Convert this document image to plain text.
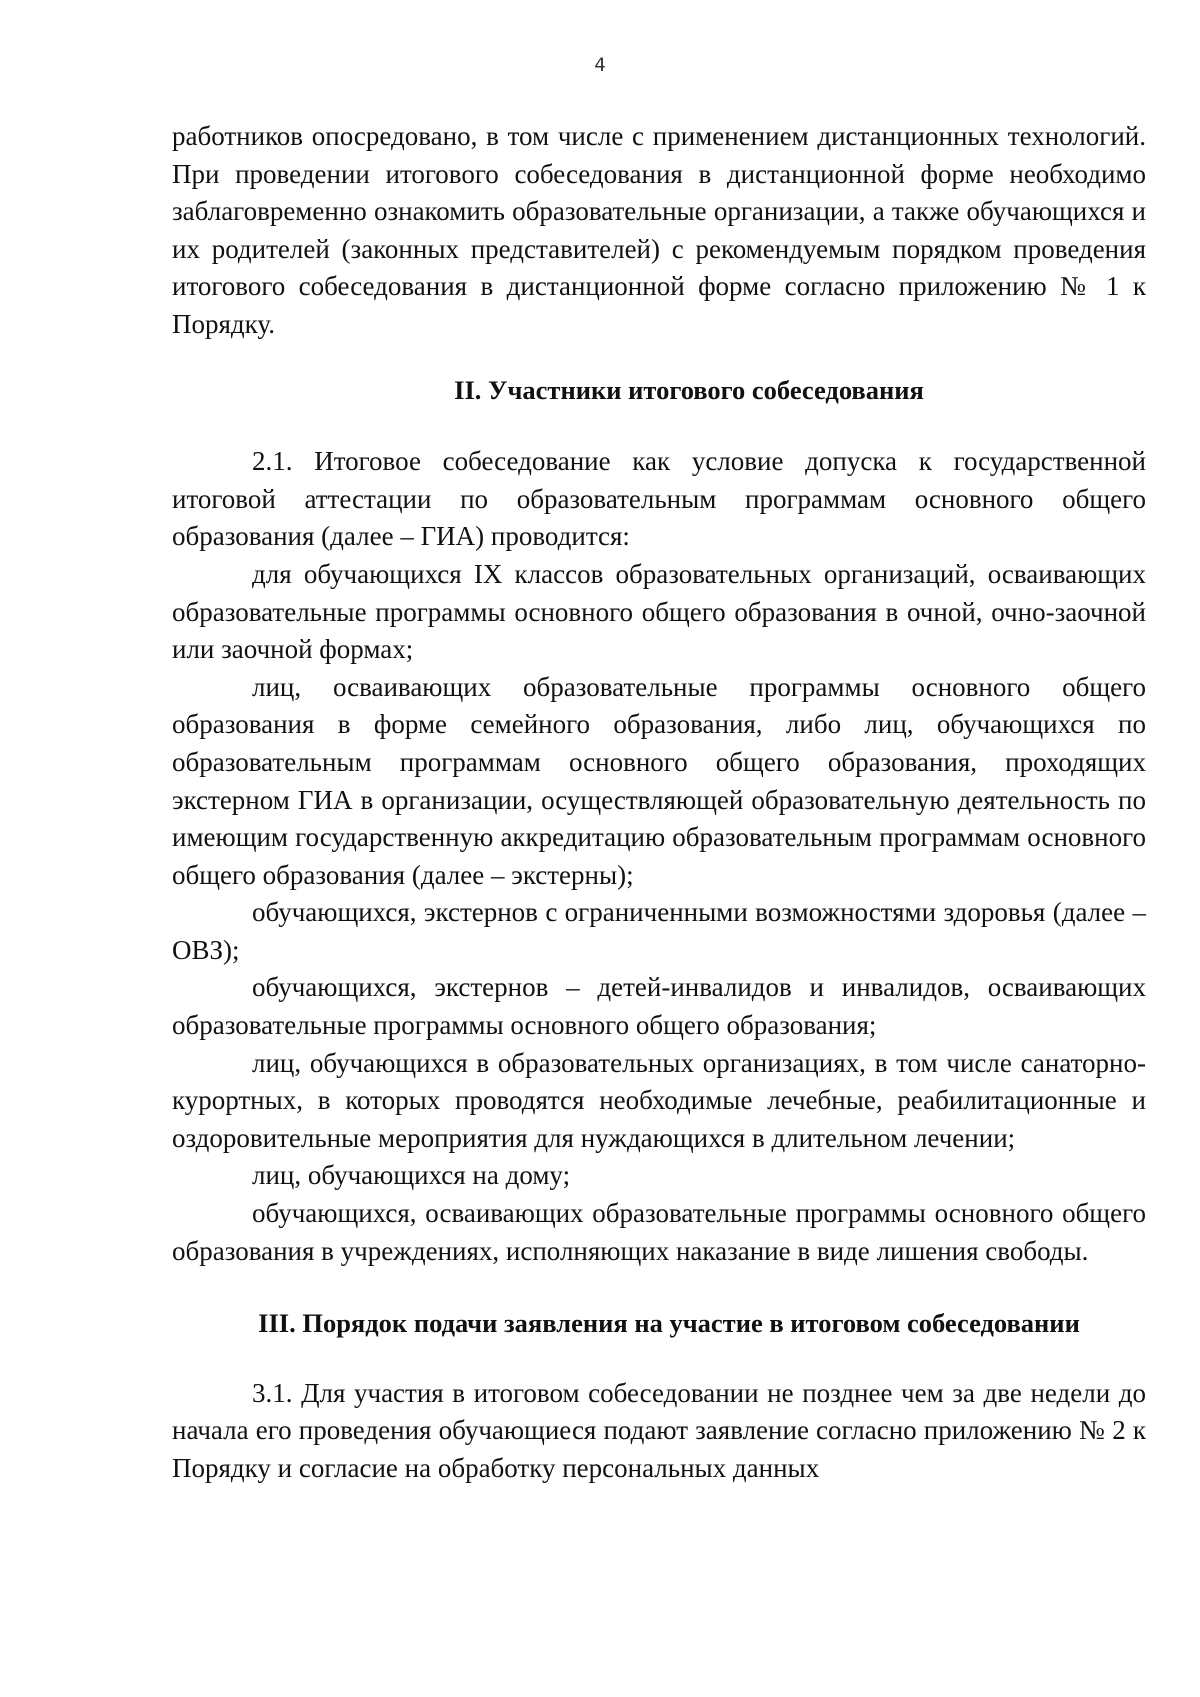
4

работников опосредовано, в том числе с применением дистанционных технологий. При проведении итогового собеседования в дистанционной форме необходимо заблаговременно ознакомить образовательные организации, а также обучающихся и их родителей (законных представителей) с рекомендуемым порядком проведения итогового собеседования в дистанционной форме согласно приложению № 1 к Порядку.

II. Участники итогового собеседования

2.1. Итоговое собеседование как условие допуска к государственной итоговой аттестации по образовательным программам основного общего образования (далее – ГИА) проводится:

для обучающихся IX классов образовательных организаций, осваивающих образовательные программы основного общего образования в очной, очно-заочной или заочной формах;

лиц, осваивающих образовательные программы основного общего образования в форме семейного образования, либо лиц, обучающихся по образовательным программам основного общего образования, проходящих экстерном ГИА в организации, осуществляющей образовательную деятельность по имеющим государственную аккредитацию образовательным программам основного общего образования (далее – экстерны);

обучающихся, экстернов с ограниченными возможностями здоровья (далее – ОВЗ);

обучающихся, экстернов – детей-инвалидов и инвалидов, осваивающих образовательные программы основного общего образования;

лиц, обучающихся в образовательных организациях, в том числе санаторно-курортных, в которых проводятся необходимые лечебные, реабилитационные и оздоровительные мероприятия для нуждающихся в длительном лечении;

лиц, обучающихся на дому;

обучающихся, осваивающих образовательные программы основного общего образования в учреждениях, исполняющих наказание в виде лишения свободы.

III. Порядок подачи заявления на участие в итоговом собеседовании

3.1. Для участия в итоговом собеседовании не позднее чем за две недели до начала его проведения обучающиеся подают заявление согласно приложению № 2 к Порядку и согласие на обработку персональных данных
